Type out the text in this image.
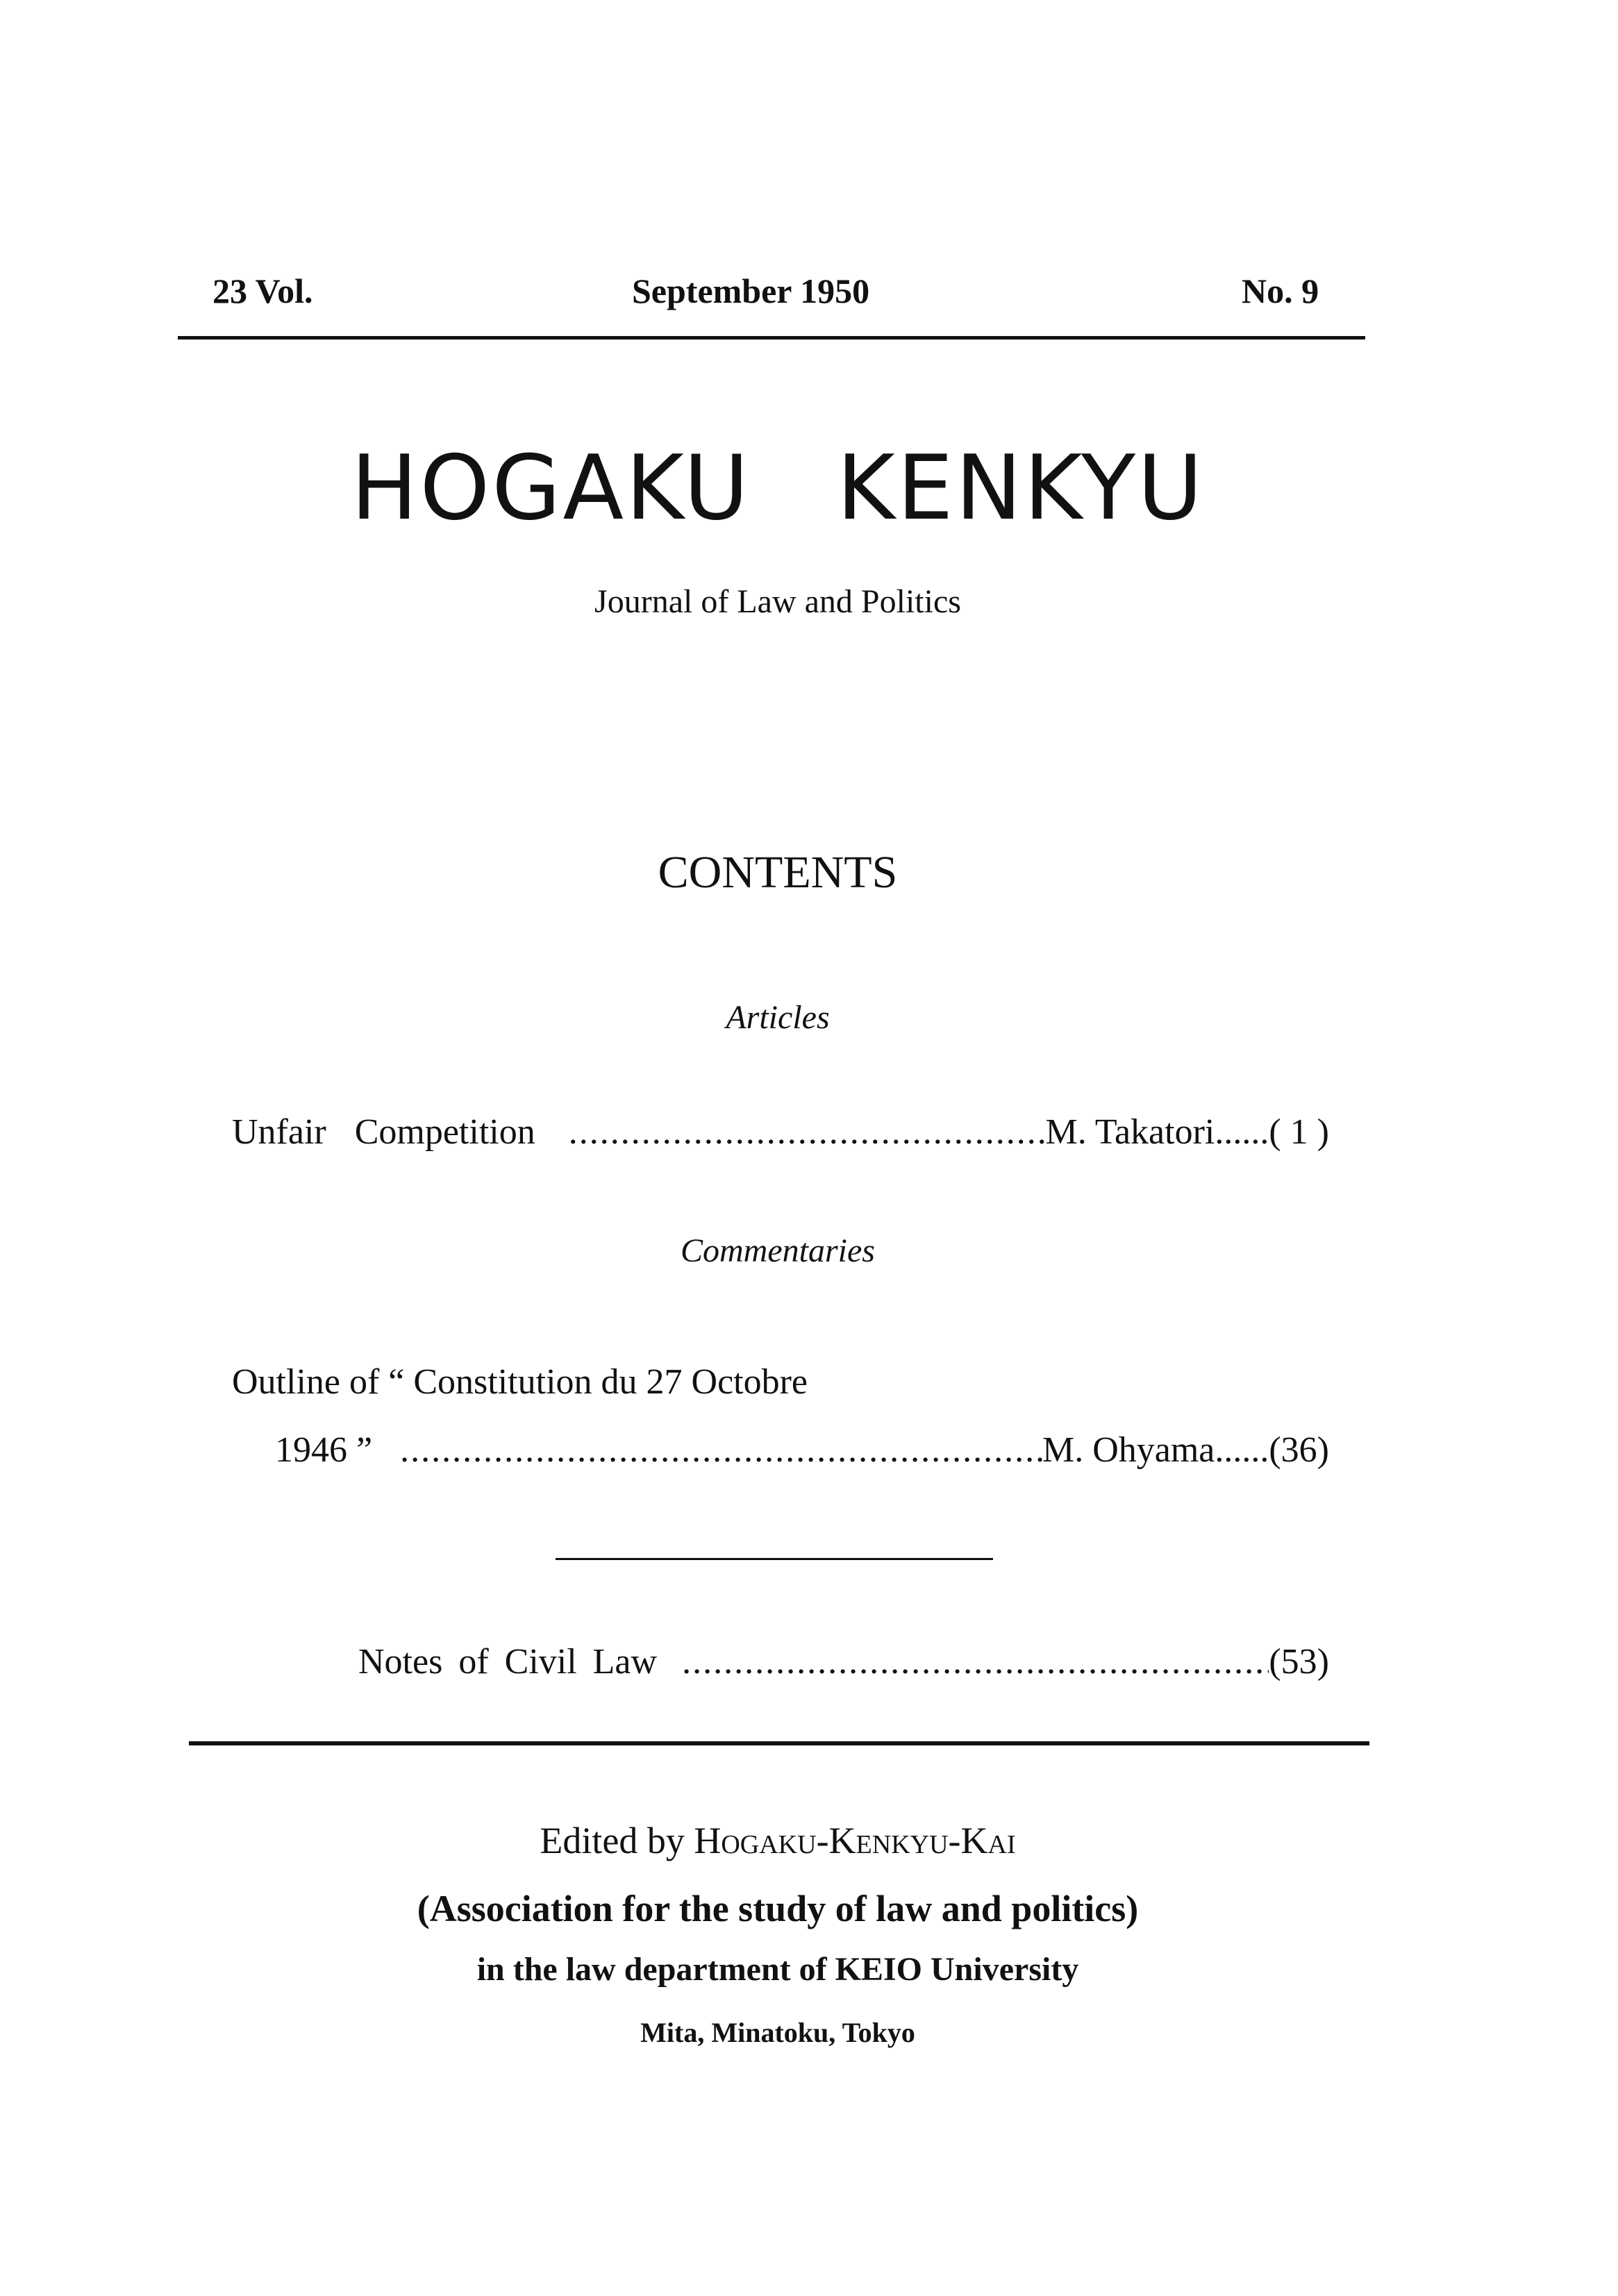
23 Vol.	September 1950	No. 9
HOGAKU KENKYU
Journal of Law and Politics
CONTENTS
Articles
Unfair Competition .....	M. Takatori...... ( 1 )
Commentaries
Outline of “ Constitution du 27 Octobre
1946 ” .....	M. Ohyama...... (36)
Notes of Civil Law .....	(53)
Edited by Hogaku-Kenkyu-Kai
(Association for the study of law and politics)
in the law department of KEIO University
Mita, Minatoku, Tokyo
